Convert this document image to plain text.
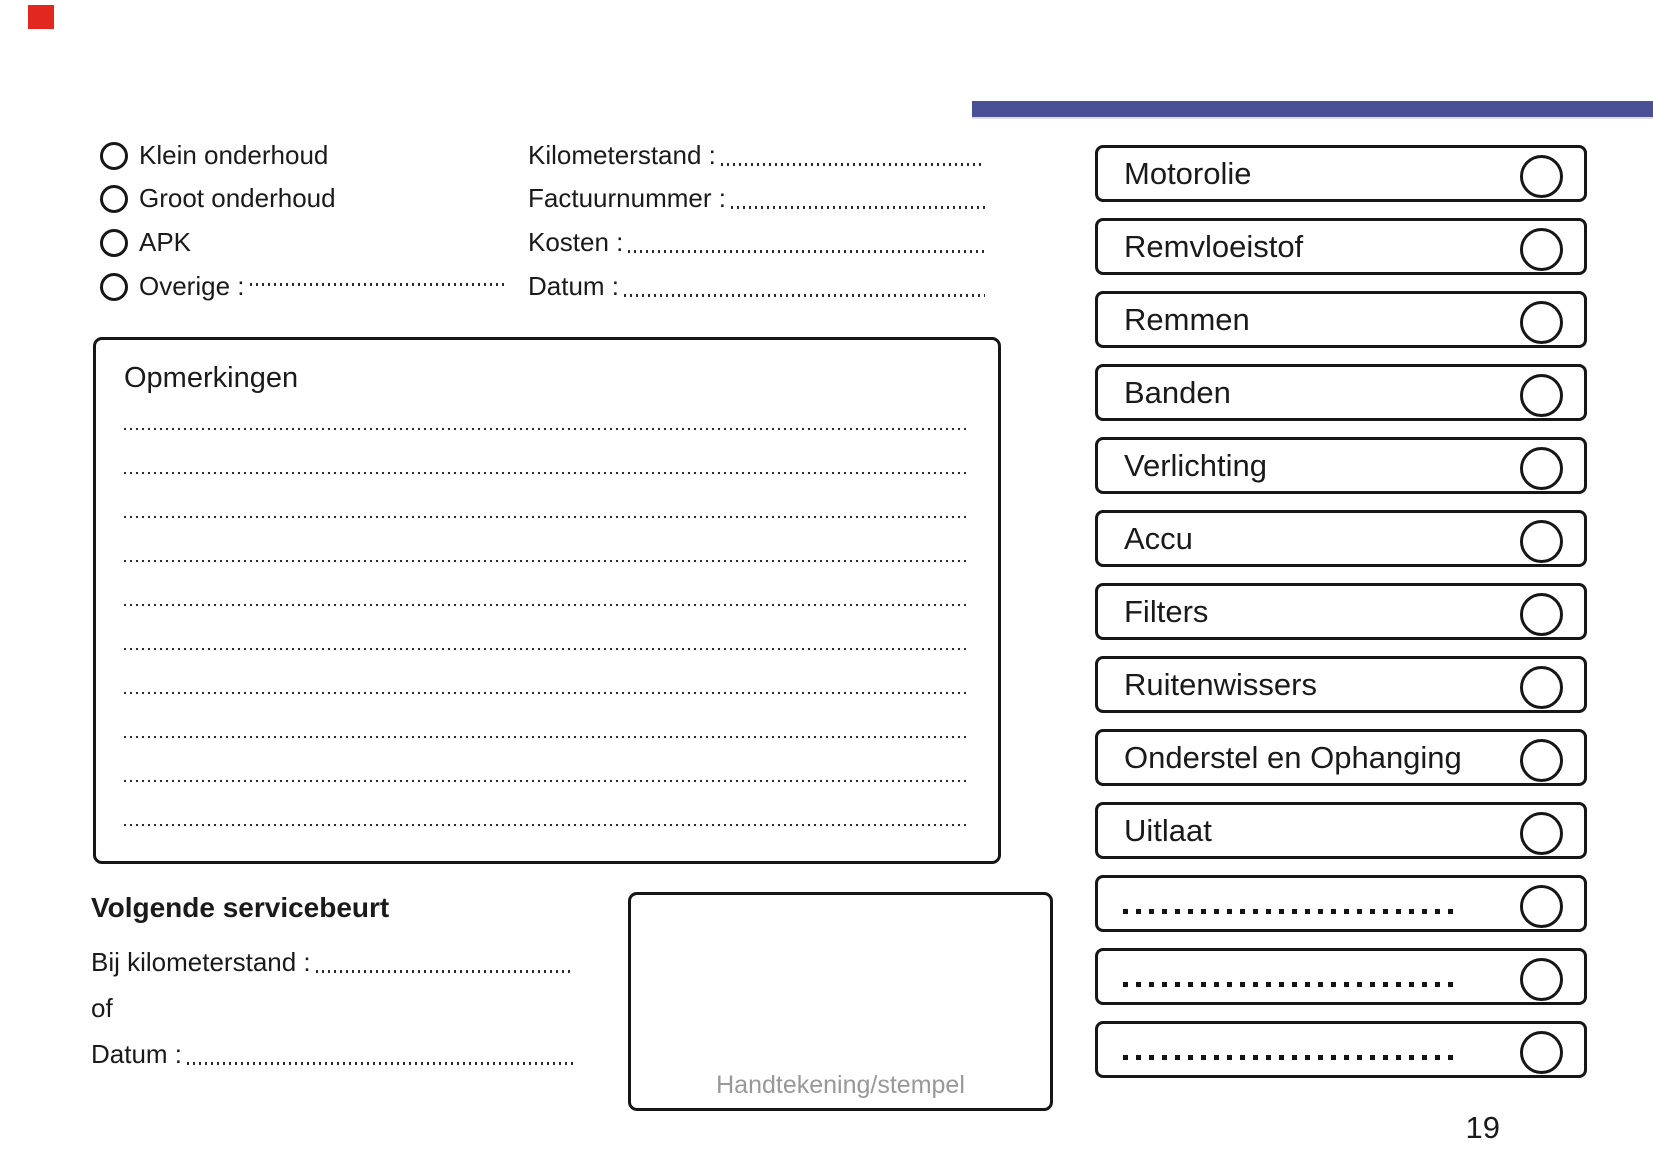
Klein onderhoud
Groot onderhoud
APK
Overige :
Kilometerstand :
Factuurnummer :
Kosten :
Datum :
Opmerkingen
Volgende servicebeurt
Bij kilometerstand :
of
Datum :
Handtekening/stempel
Motorolie
Remvloeistof
Remmen
Banden
Verlichting
Accu
Filters
Ruitenwissers
Onderstel en Ophanging
Uitlaat
19
